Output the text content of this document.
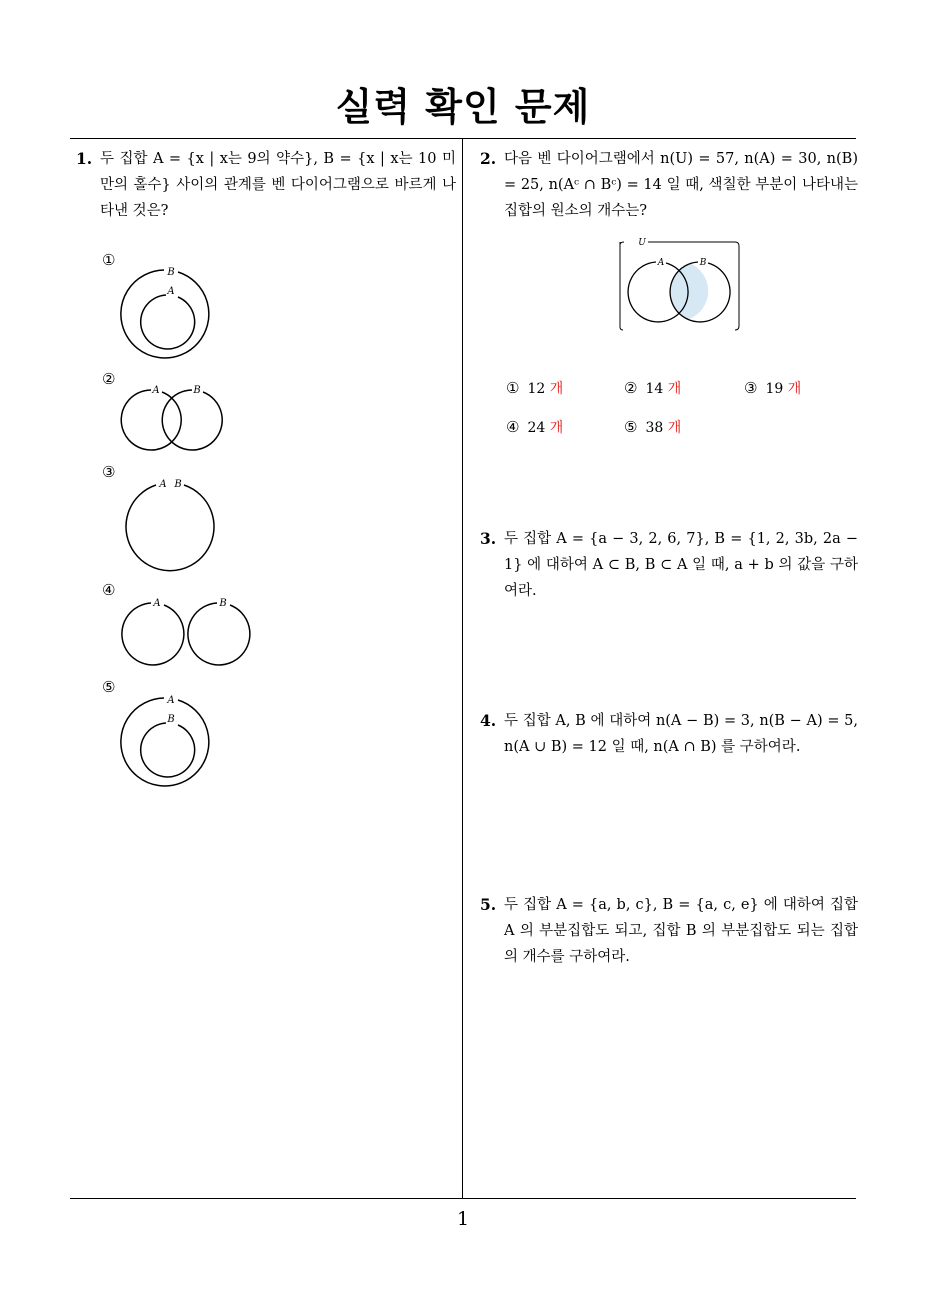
실력 확인 문제
1
1. 두 집합 A = {x | x는 9의 약수}, B = {x | x는 10 미만의 홀수} 사이의 관계를 벤 다이어그램으로 바르게 나타낸 것은?
①
B
A
②
A	B
③
A B
④
A	B
⑤
A
B
2. 다음 벤 다이어그램에서 n(U) = 57, n(A) = 30, n(B) = 25, n(Aᶜ ∩ Bᶜ) = 14 일 때, 색칠한 부분이 나타내는 집합의 원소의 개수는?
U
A	B
① 12 개	② 14 개	③ 19 개
④ 24 개	⑤ 38 개
3. 두 집합 A = {a − 3, 2, 6, 7}, B = {1, 2, 3b, 2a − 1} 에 대하여 A ⊂ B, B ⊂ A 일 때, a + b 의 값을 구하여라.
4. 두 집합 A, B 에 대하여 n(A − B) = 3, n(B − A) = 5, n(A ∪ B) = 12 일 때, n(A ∩ B) 를 구하여라.
5. 두 집합 A = {a, b, c}, B = {a, c, e} 에 대하여 집합 A 의 부분집합도 되고, 집합 B 의 부분집합도 되는 집합의 개수를 구하여라.
